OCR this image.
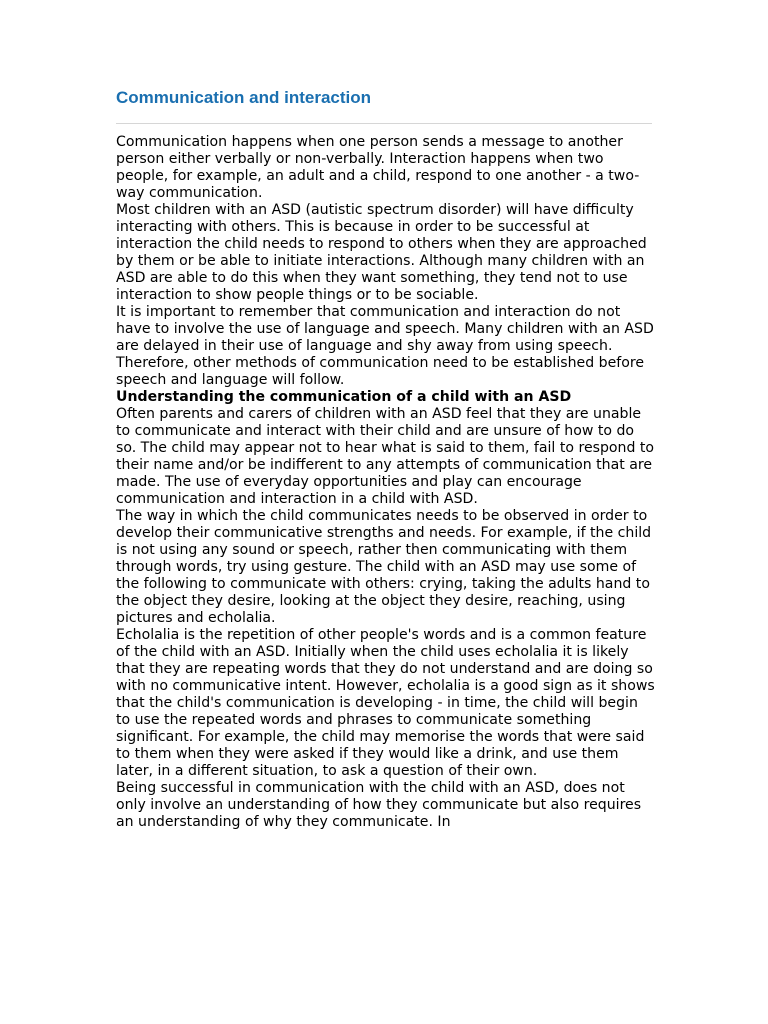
Communication and interaction

Communication happens when one person sends a message to another person either verbally or non-verbally. Interaction happens when two people, for example, an adult and a child, respond to one another - a two-way communication.

Most children with an ASD (autistic spectrum disorder) will have difficulty interacting with others. This is because in order to be successful at interaction the child needs to respond to others when they are approached by them or be able to initiate interactions. Although many children with an ASD are able to do this when they want something, they tend not to use interaction to show people things or to be sociable.

It is important to remember that communication and interaction do not have to involve the use of language and speech. Many children with an ASD are delayed in their use of language and shy away from using speech. Therefore, other methods of communication need to be established before speech and language will follow.

Understanding the communication of a child with an ASD

Often parents and carers of children with an ASD feel that they are unable to communicate and interact with their child and are unsure of how to do so. The child may appear not to hear what is said to them, fail to respond to their name and/or be indifferent to any attempts of communication that are made. The use of everyday opportunities and play can encourage communication and interaction in a child with ASD.

The way in which the child communicates needs to be observed in order to develop their communicative strengths and needs. For example, if the child is not using any sound or speech, rather then communicating with them through words, try using gesture. The child with an ASD may use some of the following to communicate with others: crying, taking the adults hand to the object they desire, looking at the object they desire, reaching, using pictures and echolalia.

Echolalia is the repetition of other people's words and is a common feature of the child with an ASD. Initially when the child uses echolalia it is likely that they are repeating words that they do not understand and are doing so with no communicative intent. However, echolalia is a good sign as it shows that the child's communication is developing - in time, the child will begin to use the repeated words and phrases to communicate something significant. For example, the child may memorise the words that were said to them when they were asked if they would like a drink, and use them later, in a different situation, to ask a question of their own.

Being successful in communication with the child with an ASD, does not only involve an understanding of how they communicate but also requires an understanding of why they communicate. In
